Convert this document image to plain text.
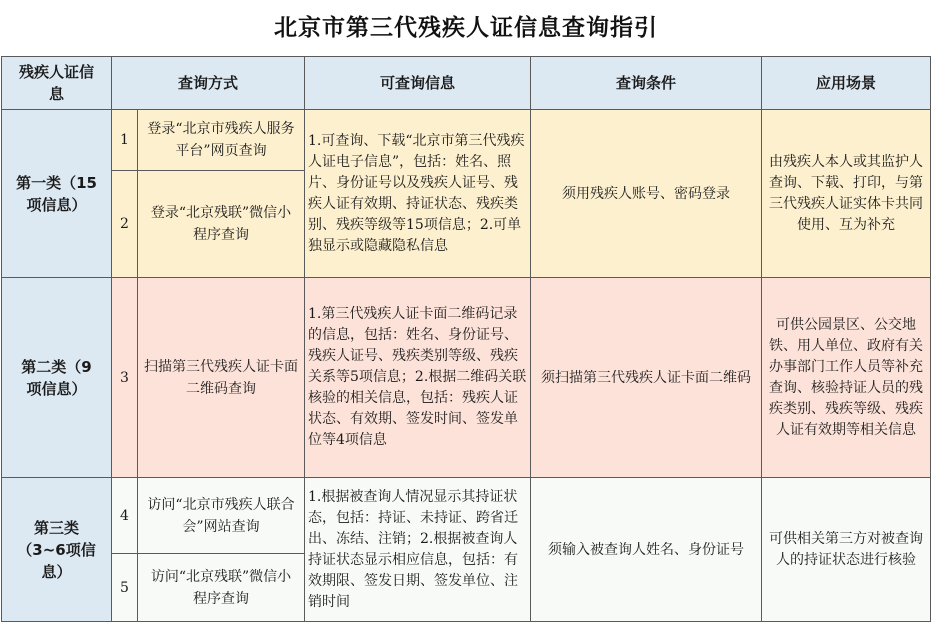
北京市第三代残疾人证信息查询指引
残疾人证信息	查询方式		可查询信息	查询条件	应用场景
第一类（15项信息）	1	登录“北京市残疾人服务平台”网页查询	1.可查询、下载“北京市第三代残疾人证电子信息”，包括：姓名、照片、身份证号以及残疾人证号、残疾人证有效期、持证状态、残疾类别、残疾等级等15项信息；2.可单独显示或隐藏隐私信息	须用残疾人账号、密码登录	由残疾人本人或其监护人查询、下载、打印，与第三代残疾人证实体卡共同使用、互为补充
	2	登录“北京残联”微信小程序查询			
第二类（9项信息）	3	扫描第三代残疾人证卡面二维码查询	1.第三代残疾人证卡面二维码记录的信息，包括：姓名、身份证号、残疾人证号、残疾类别等级、残疾关系等5项信息；2.根据二维码关联核验的相关信息，包括：残疾人证状态、有效期、签发时间、签发单位等4项信息	须扫描第三代残疾人证卡面二维码	可供公园景区、公交地铁、用人单位、政府有关办事部门工作人员等补充查询、核验持证人员的残疾类别、残疾等级、残疾人证有效期等相关信息
第三类（3~6项信息）	4	访问“北京市残疾人联合会”网站查询	1.根据被查询人情况显示其持证状态，包括：持证、未持证、跨省迁出、冻结、注销；2.根据被查询人持证状态显示相应信息，包括：有效期限、签发日期、签发单位、注销时间	须输入被查询人姓名、身份证号	可供相关第三方对被查询人的持证状态进行核验
	5	访问“北京残联”微信小程序查询			
